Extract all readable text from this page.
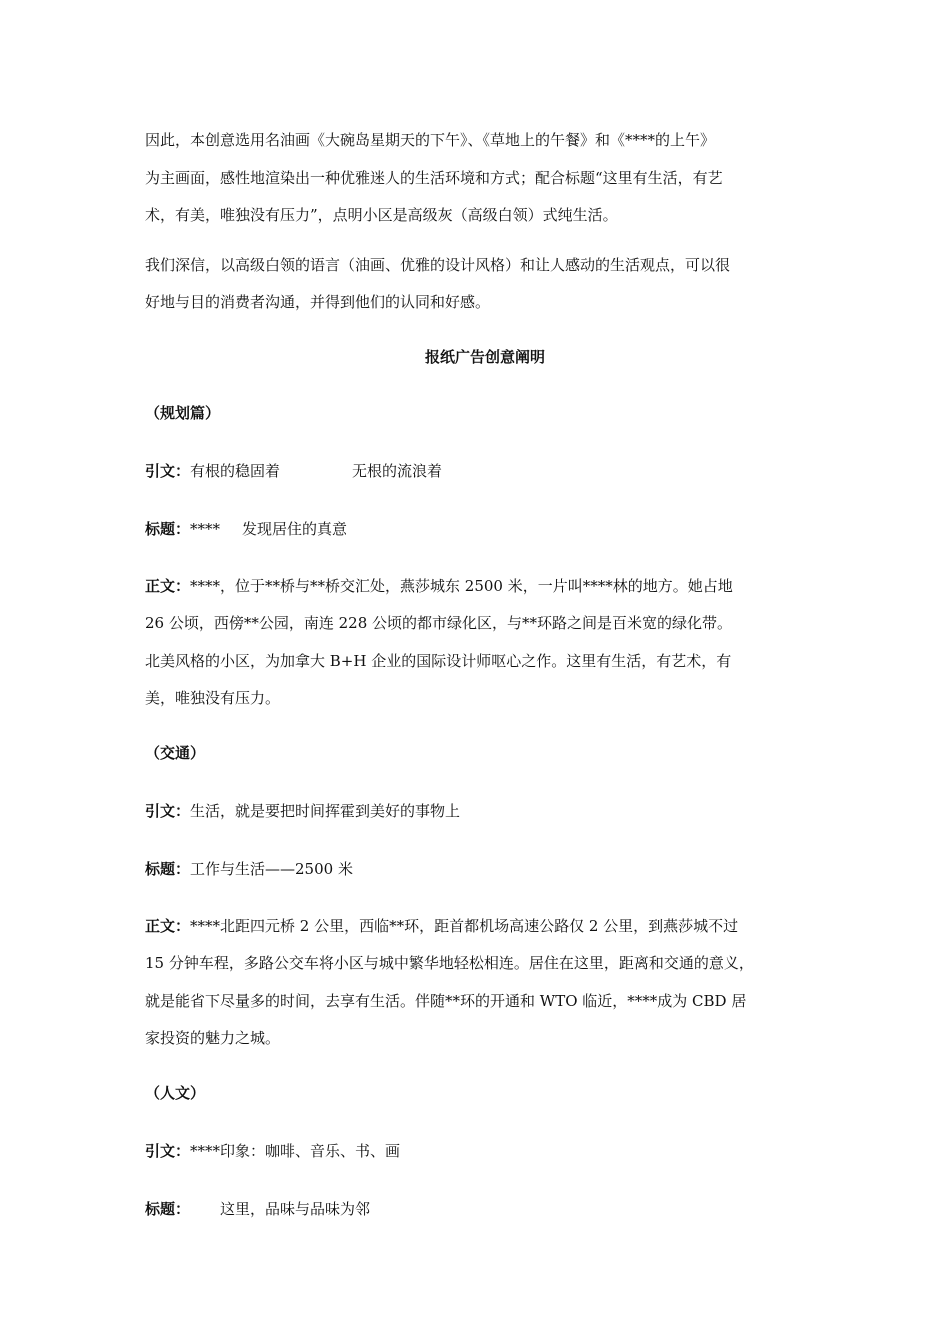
因此，本创意选用名油画《大碗岛星期天的下午》、《草地上的午餐》和《****的上午》
为主画面，感性地渲染出一种优雅迷人的生活环境和方式；配合标题“这里有生活，有艺
术，有美，唯独没有压力”，点明小区是高级灰（高级白领）式纯生活。

我们深信，以高级白领的语言（油画、优雅的设计风格）和让人感动的生活观点，可以很
好地与目的消费者沟通，并得到他们的认同和好感。

报纸广告创意阐明
（规划篇）
引文：有根的稳固着	无根的流浪着
标题：**** 发现居住的真意
正文：****，位于**桥与**桥交汇处，燕莎城东 2500 米，一片叫****林的地方。她占地
26 公顷，西傍**公园，南连 228 公顷的都市绿化区，与**环路之间是百米宽的绿化带。
北美风格的小区，为加拿大 B+H 企业的国际设计师呕心之作。这里有生活，有艺术，有
美，唯独没有压力。
（交通）
引文：生活，就是要把时间挥霍到美好的事物上
标题：工作与生活——2500 米
正文：****北距四元桥 2 公里，西临**环，距首都机场高速公路仅 2 公里，到燕莎城不过
15 分钟车程，多路公交车将小区与城中繁华地轻松相连。居住在这里，距离和交通的意义，
就是能省下尽量多的时间，去享有生活。伴随**环的开通和 WTO 临近，****成为 CBD 居
家投资的魅力之城。
（人文）
引文：****印象：咖啡、音乐、书、画
标题： 这里，品味与品味为邻
